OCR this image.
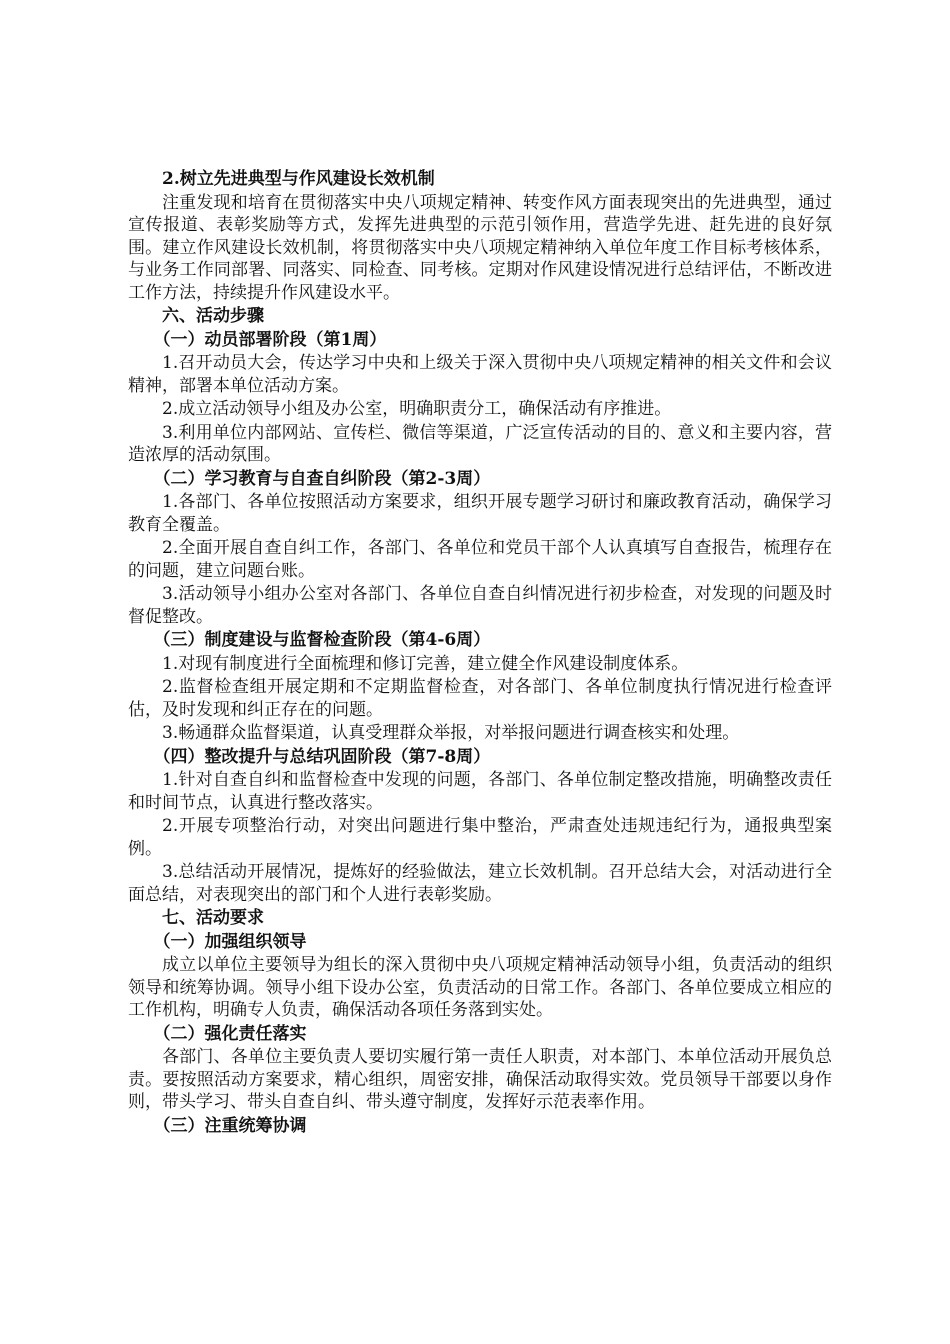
2.树立先进典型与作风建设长效机制
注重发现和培育在贯彻落实中央八项规定精神、转变作风方面表现突出的先进典型，通过宣传报道、表彰奖励等方式，发挥先进典型的示范引领作用，营造学先进、赶先进的良好氛围。建立作风建设长效机制，将贯彻落实中央八项规定精神纳入单位年度工作目标考核体系，与业务工作同部署、同落实、同检查、同考核。定期对作风建设情况进行总结评估，不断改进工作方法，持续提升作风建设水平。
六、活动步骤
（一）动员部署阶段（第1周）
1.召开动员大会，传达学习中央和上级关于深入贯彻中央八项规定精神的相关文件和会议精神，部署本单位活动方案。
2.成立活动领导小组及办公室，明确职责分工，确保活动有序推进。
3.利用单位内部网站、宣传栏、微信等渠道，广泛宣传活动的目的、意义和主要内容，营造浓厚的活动氛围。
（二）学习教育与自查自纠阶段（第2-3周）
1.各部门、各单位按照活动方案要求，组织开展专题学习研讨和廉政教育活动，确保学习教育全覆盖。
2.全面开展自查自纠工作，各部门、各单位和党员干部个人认真填写自查报告，梳理存在的问题，建立问题台账。
3.活动领导小组办公室对各部门、各单位自查自纠情况进行初步检查，对发现的问题及时督促整改。
（三）制度建设与监督检查阶段（第4-6周）
1.对现有制度进行全面梳理和修订完善，建立健全作风建设制度体系。
2.监督检查组开展定期和不定期监督检查，对各部门、各单位制度执行情况进行检查评估，及时发现和纠正存在的问题。
3.畅通群众监督渠道，认真受理群众举报，对举报问题进行调查核实和处理。
（四）整改提升与总结巩固阶段（第7-8周）
1.针对自查自纠和监督检查中发现的问题，各部门、各单位制定整改措施，明确整改责任和时间节点，认真进行整改落实。
2.开展专项整治行动，对突出问题进行集中整治，严肃查处违规违纪行为，通报典型案例。
3.总结活动开展情况，提炼好的经验做法，建立长效机制。召开总结大会，对活动进行全面总结，对表现突出的部门和个人进行表彰奖励。
七、活动要求
（一）加强组织领导
成立以单位主要领导为组长的深入贯彻中央八项规定精神活动领导小组，负责活动的组织领导和统筹协调。领导小组下设办公室，负责活动的日常工作。各部门、各单位要成立相应的工作机构，明确专人负责，确保活动各项任务落到实处。
（二）强化责任落实
各部门、各单位主要负责人要切实履行第一责任人职责，对本部门、本单位活动开展负总责。要按照活动方案要求，精心组织，周密安排，确保活动取得实效。党员领导干部要以身作则，带头学习、带头自查自纠、带头遵守制度，发挥好示范表率作用。
（三）注重统筹协调
